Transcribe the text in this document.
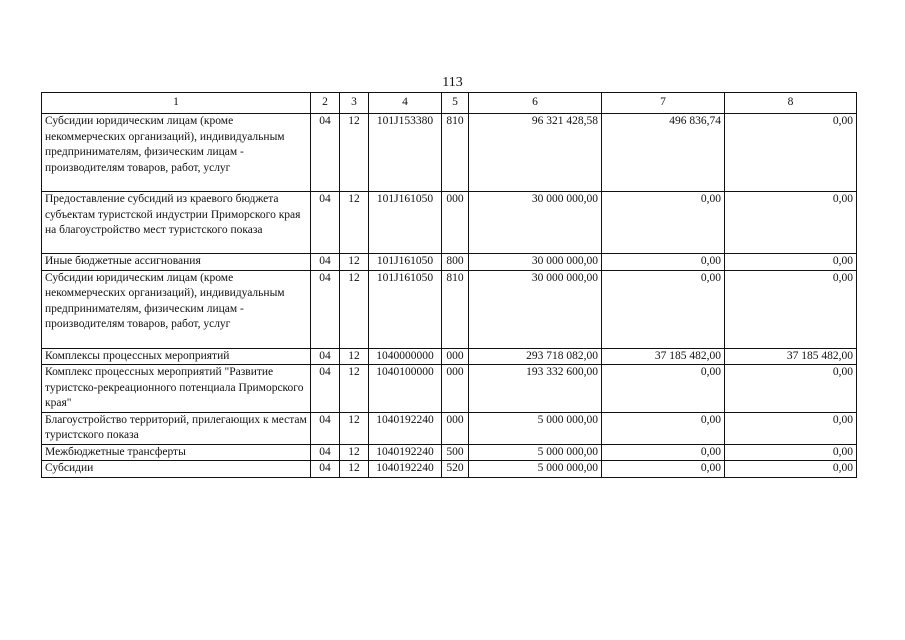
113
1	2	3	4	5	6	7	8
Субсидии юридическим лицам (кроме некоммерческих организаций), индивидуальным предпринимателям, физическим лицам - производителям товаров, работ, услуг	04	12	101J153380	810	96 321 428,58	496 836,74	0,00
Предоставление субсидий из краевого бюджета субъектам туристской индустрии Приморского края на благоустройство мест туристского показа	04	12	101J161050	000	30 000 000,00	0,00	0,00
Иные бюджетные ассигнования	04	12	101J161050	800	30 000 000,00	0,00	0,00
Субсидии юридическим лицам (кроме некоммерческих организаций), индивидуальным предпринимателям, физическим лицам - производителям товаров, работ, услуг	04	12	101J161050	810	30 000 000,00	0,00	0,00
Комплексы процессных мероприятий	04	12	1040000000	000	293 718 082,00	37 185 482,00	37 185 482,00
Комплекс процессных мероприятий "Развитие туристско-рекреационного потенциала Приморского края"	04	12	1040100000	000	193 332 600,00	0,00	0,00
Благоустройство территорий, прилегающих к местам туристского показа	04	12	1040192240	000	5 000 000,00	0,00	0,00
Межбюджетные трансферты	04	12	1040192240	500	5 000 000,00	0,00	0,00
Субсидии	04	12	1040192240	520	5 000 000,00	0,00	0,00
